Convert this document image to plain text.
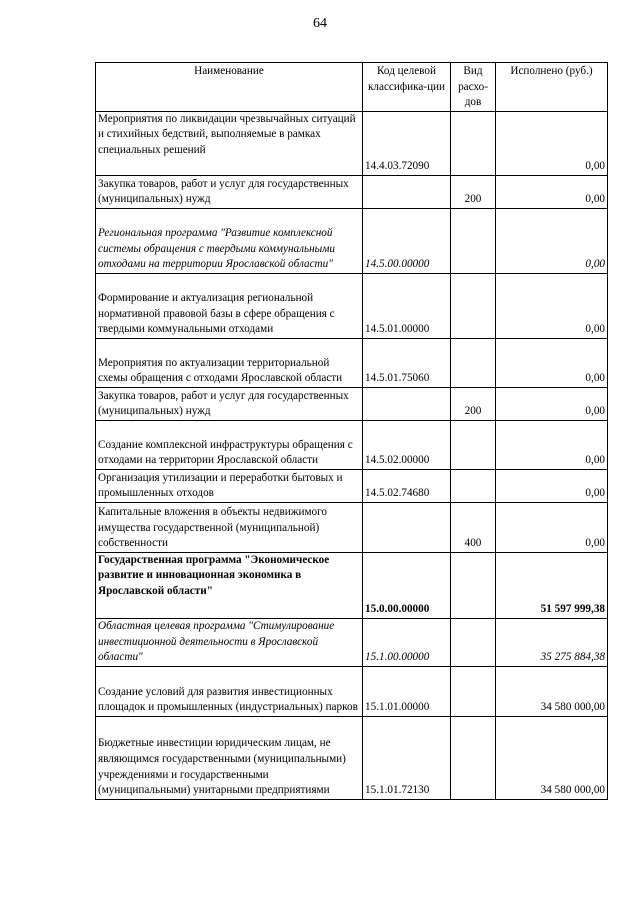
64
Наименование	Код целевой классифика-ции	Вид расхо-дов	Исполнено (руб.)
Мероприятия по ликвидации чрезвычайных ситуаций и стихийных бедствий, выполняемые в рамках специальных решений	14.4.03.72090		0,00
Закупка товаров, работ и услуг для государственных (муниципальных) нужд		200	0,00
Региональная программа "Развитие комплексной системы обращения с твердыми коммунальными отходами на территории Ярославской области"	14.5.00.00000		0,00
Формирование и актуализация региональной нормативной правовой базы в сфере обращения с твердыми коммунальными отходами	14.5.01.00000		0,00
Мероприятия по актуализации территориальной схемы обращения с отходами Ярославской области	14.5.01.75060		0,00
Закупка товаров, работ и услуг для государственных (муниципальных) нужд		200	0,00
Создание комплексной инфраструктуры обращения с отходами на территории Ярославской области	14.5.02.00000		0,00
Организация утилизации и переработки бытовых и промышленных отходов	14.5.02.74680		0,00
Капитальные вложения в объекты недвижимого имущества государственной (муниципальной) собственности		400	0,00
Государственная программа "Экономическое развитие и инновационная экономика в Ярославской области"	15.0.00.00000		51 597 999,38
Областная целевая программа "Стимулирование инвестиционной деятельности в Ярославской области"	15.1.00.00000		35 275 884,38
Создание условий для развития инвестиционных площадок и промышленных (индустриальных) парков	15.1.01.00000		34 580 000,00
Бюджетные инвестиции юридическим лицам, не являющимся государственными (муниципальными) учреждениями и государственными (муниципальными) унитарными предприятиями	15.1.01.72130		34 580 000,00
